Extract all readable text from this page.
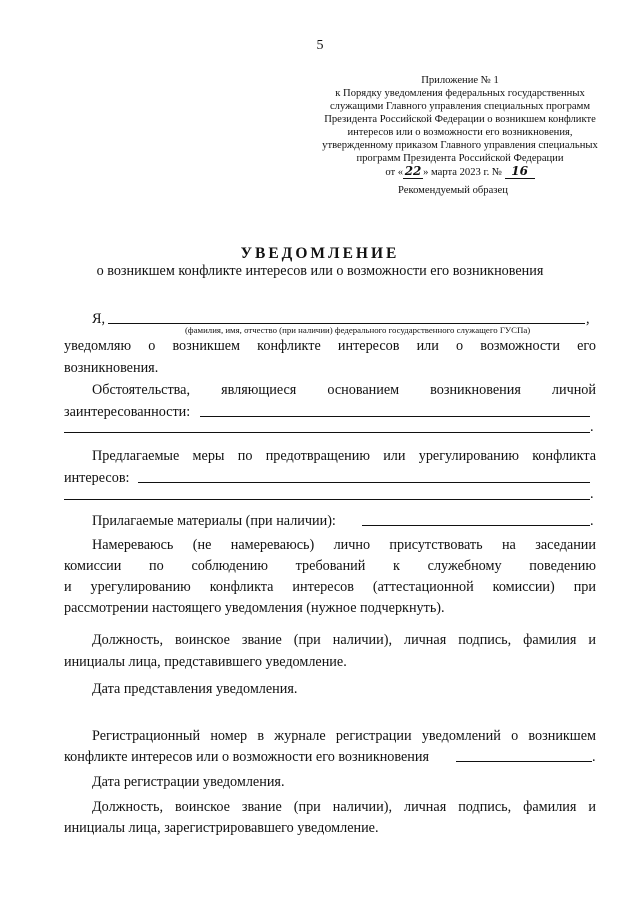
5
Приложение № 1
к Порядку уведомления федеральных государственных
служащими Главного управления специальных программ
Президента Российской Федерации о возникшем конфликте
интересов или о возможности его возникновения,
утвержденному приказом Главного управления специальных
программ Президента Российской Федерации
от « 22 » марта 2023 г. № 16
Рекомендуемый образец
УВЕДОМЛЕНИЕ
о возникшем конфликте интересов или о возможности его возникновения
Я,	,
(фамилия, имя, отчество (при наличии) федерального государственного служащего ГУСПа)
уведомляю о возникшем конфликте интересов или о возможности его
возникновения.
Обстоятельства, являющиеся основанием возникновения личной
заинтересованности:
.
Предлагаемые меры по предотвращению или урегулированию конфликта
интересов:
.
Прилагаемые материалы (при наличии):	.
Намереваюсь (не намереваюсь) лично присутствовать на заседании
комиссии по соблюдению требований к служебному поведению
и урегулированию конфликта интересов (аттестационной комиссии) при
рассмотрении настоящего уведомления (нужное подчеркнуть).
Должность, воинское звание (при наличии), личная подпись, фамилия и
инициалы лица, представившего уведомление.
Дата представления уведомления.
Регистрационный номер в журнале регистрации уведомлений о возникшем
конфликте интересов или о возможности его возникновения	.
Дата регистрации уведомления.
Должность, воинское звание (при наличии), личная подпись, фамилия и
инициалы лица, зарегистрировавшего уведомление.
